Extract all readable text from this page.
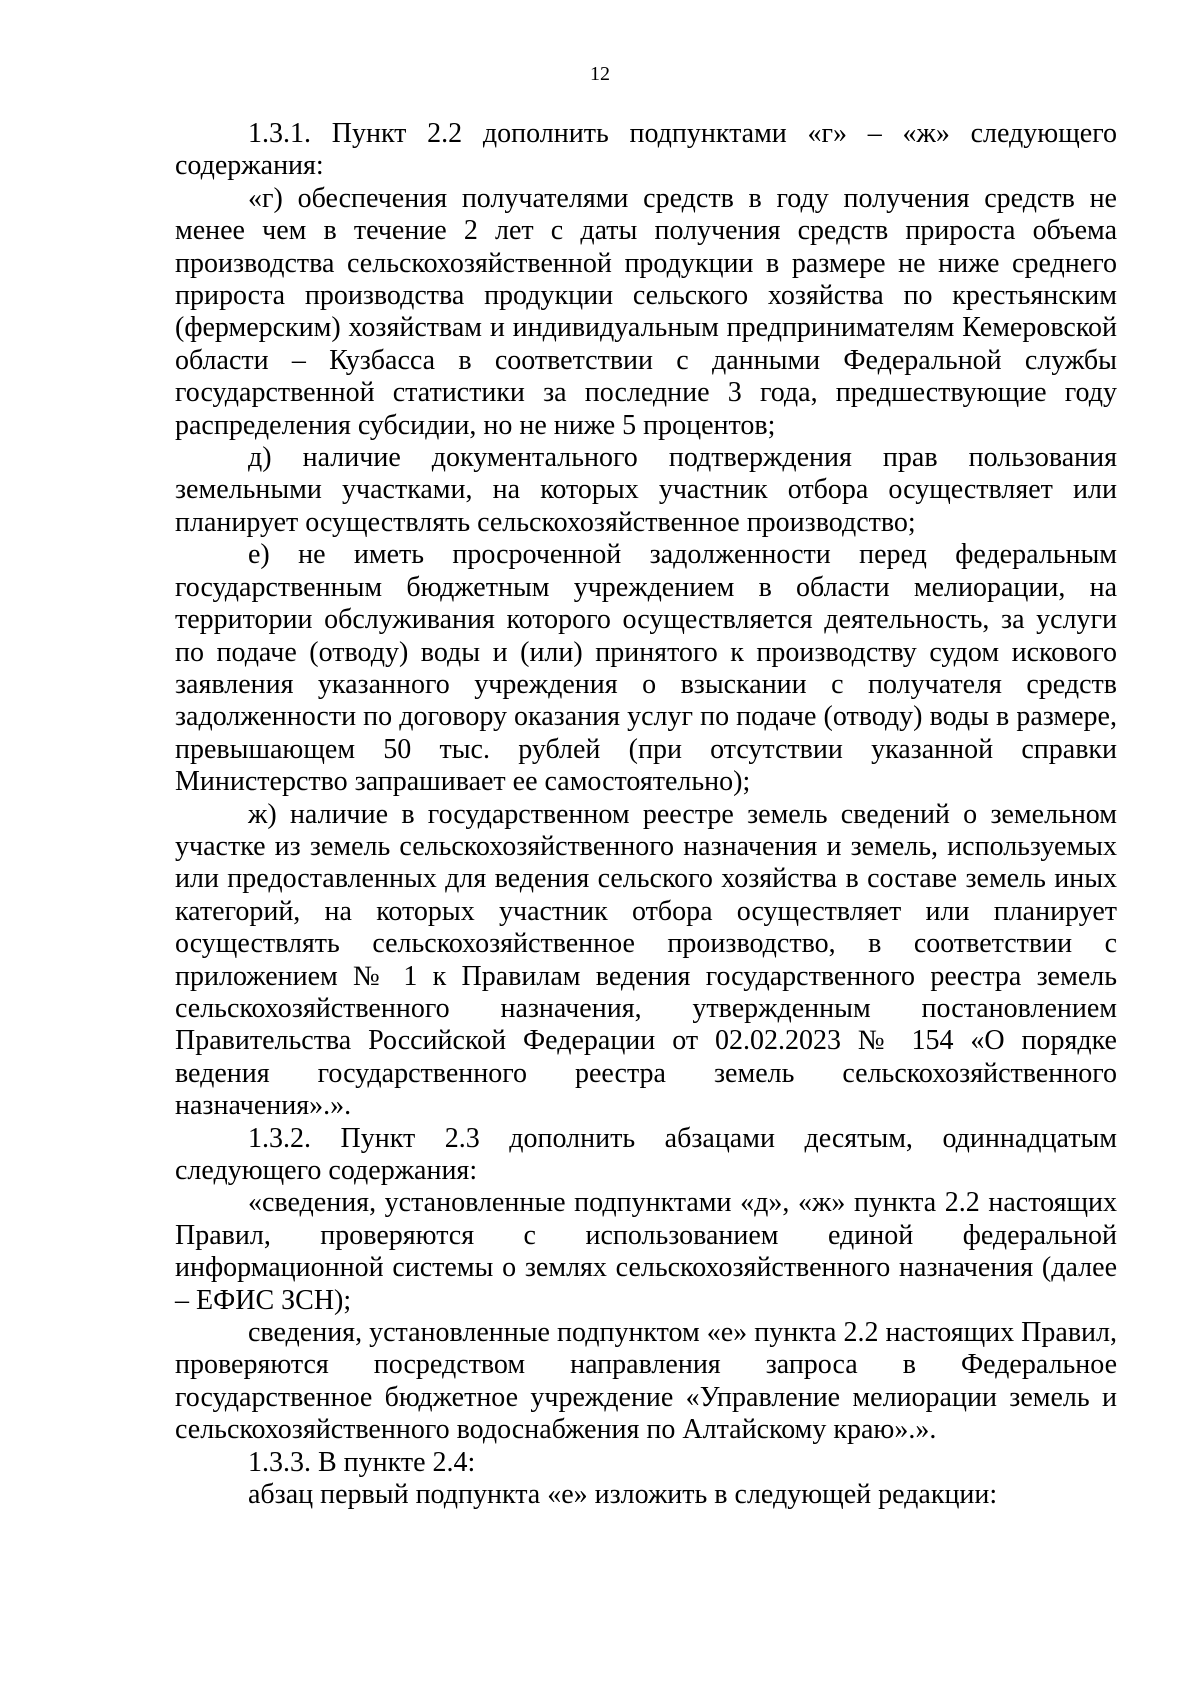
12

1.3.1. Пункт 2.2 дополнить подпунктами «г» – «ж» следующего содержания:

«г) обеспечения получателями средств в году получения средств не менее чем в течение 2 лет с даты получения средств прироста объема производства сельскохозяйственной продукции в размере не ниже среднего прироста производства продукции сельского хозяйства по крестьянским (фермерским) хозяйствам и индивидуальным предпринимателям Кемеровской области – Кузбасса в соответствии с данными Федеральной службы государственной статистики за последние 3 года, предшествующие году распределения субсидии, но не ниже 5 процентов;

д) наличие документального подтверждения прав пользования земельными участками, на которых участник отбора осуществляет или планирует осуществлять сельскохозяйственное производство;

е) не иметь просроченной задолженности перед федеральным государственным бюджетным учреждением в области мелиорации, на территории обслуживания которого осуществляется деятельность, за услуги по подаче (отводу) воды и (или) принятого к производству судом искового заявления указанного учреждения о взыскании с получателя средств задолженности по договору оказания услуг по подаче (отводу) воды в размере, превышающем 50 тыс. рублей (при отсутствии указанной справки Министерство запрашивает ее самостоятельно);

ж) наличие в государственном реестре земель сведений о земельном участке из земель сельскохозяйственного назначения и земель, используемых или предоставленных для ведения сельского хозяйства в составе земель иных категорий, на которых участник отбора осуществляет или планирует осуществлять сельскохозяйственное производство, в соответствии с приложением № 1 к Правилам ведения государственного реестра земель сельскохозяйственного назначения, утвержденным постановлением Правительства Российской Федерации от 02.02.2023 № 154 «О порядке ведения государственного реестра земель сельскохозяйственного назначения».».

1.3.2. Пункт 2.3 дополнить абзацами десятым, одиннадцатым следующего содержания:

«сведения, установленные подпунктами «д», «ж» пункта 2.2 настоящих Правил, проверяются с использованием единой федеральной информационной системы о землях сельскохозяйственного назначения (далее – ЕФИС ЗСН);

сведения, установленные подпунктом «е» пункта 2.2 настоящих Правил, проверяются посредством направления запроса в Федеральное государственное бюджетное учреждение «Управление мелиорации земель и сельскохозяйственного водоснабжения по Алтайскому краю».».

1.3.3. В пункте 2.4:

абзац первый подпункта «е» изложить в следующей редакции:
